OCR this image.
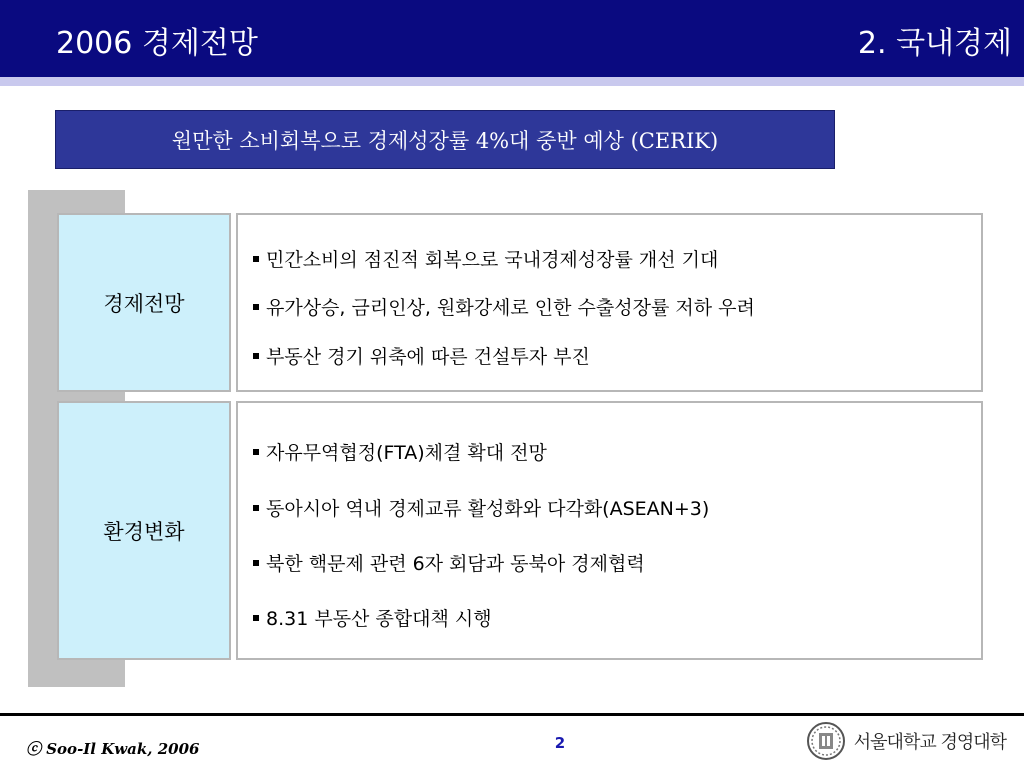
2006 경제전망	2. 국내경제
원만한 소비회복으로 경제성장률 4%대 중반 예상 (CERIK)
경제전망
민간소비의 점진적 회복으로 국내경제성장률 개선 기대
유가상승, 금리인상, 원화강세로 인한 수출성장률 저하 우려
부동산 경기 위축에 따른 건설투자 부진
환경변화
자유무역협정(FTA)체결 확대 전망
동아시아 역내 경제교류 활성화와 다각화(ASEAN+3)
북한 핵문제 관련 6자 회담과 동북아 경제협력
8.31 부동산 종합대책 시행
ⓒ Soo-Il Kwak, 2006	2	서울대학교 경영대학
